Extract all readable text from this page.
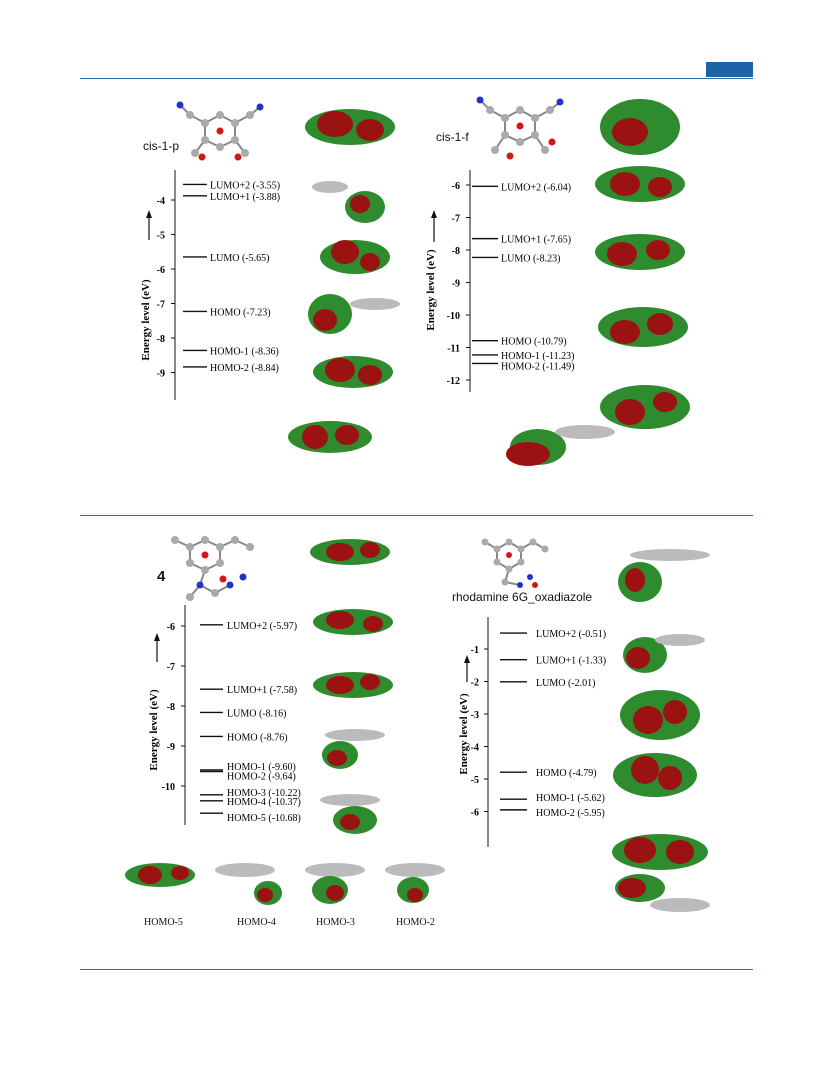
cis-1-p
-4
-5
-6
-7
-8
-9
LUMO+2 (-3.55)
LUMO+1 (-3.88)
LUMO (-5.65)
HOMO (-7.23)
HOMO-1 (-8.36)
HOMO-2 (-8.84)
Energy level (eV)
cis-1-f
-6
-7
-8
-9
-10
-11
-12
LUMO+2 (-6.04)
LUMO+1 (-7.65)
LUMO (-8.23)
HOMO (-10.79)
HOMO-1 (-11.23)
HOMO-2 (-11.49)
Energy level (eV)
4
-6
-7
-8
-9
-10
LUMO+2 (-5.97)
LUMO+1 (-7.58)
LUMO (-8.16)
HOMO (-8.76)
HOMO-1 (-9.60)
HOMO-2 (-9.64)
HOMO-3 (-10.22)
HOMO-4 (-10.37)
HOMO-5 (-10.68)
Energy level (eV)
HOMO-5	HOMO-4	HOMO-3	HOMO-2
rhodamine 6G_oxadiazole
-1
-2
-3
-4
-5
-6
LUMO+2 (-0.51)
LUMO+1 (-1.33)
LUMO (-2.01)
HOMO (-4.79)
HOMO-1 (-5.62)
HOMO-2 (-5.95)
Energy level (eV)
